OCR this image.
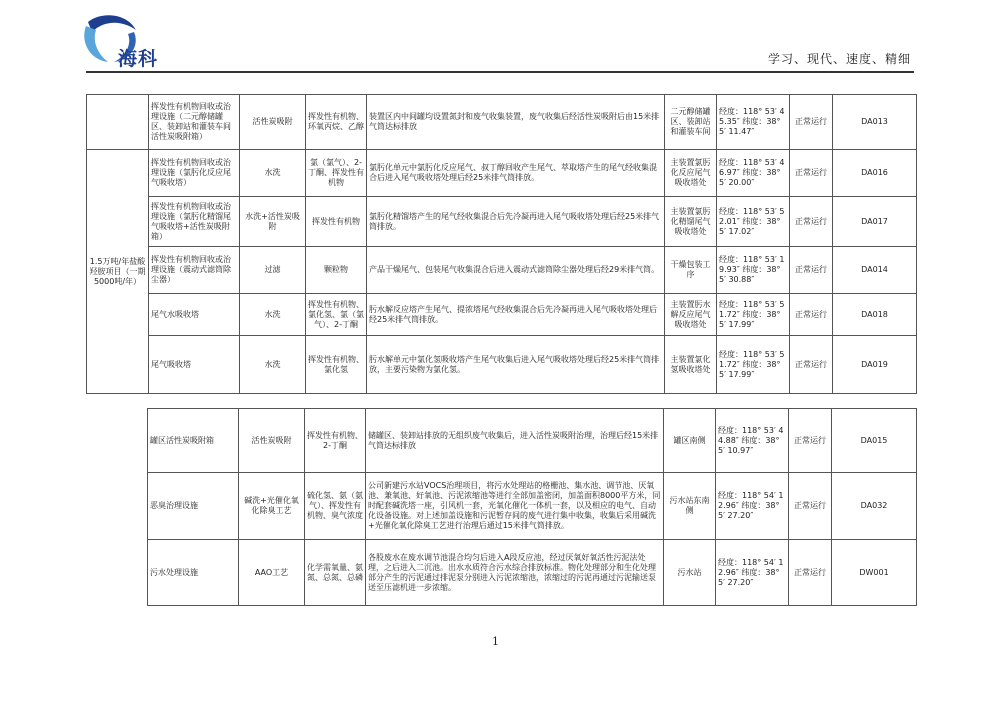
海科	学习、现代、速度、精细
	挥发性有机物回收或治理设施（二元醇储罐区、装卸站和灌装车间活性炭吸附箱）	活性炭吸附	挥发性有机物、环氧丙烷、乙醇	装置区内中间罐均设置氮封和废气收集装置，废气收集后经活性炭吸附后由15米排气筒达标排放	二元醇储罐区、装卸站和灌装车间	经度：118° 53′ 45.35″ 纬度：38° 5′ 11.47″	正常运行	DA013
1.5万吨/年盐酸羟胺项目（一期5000吨/年）	挥发性有机物回收或治理设施（氯肟化反应尾气吸收塔）	水洗	氯（氯气）、2-丁酮、挥发性有机物	氯肟化单元中氯肟化反应尾气、叔丁醇回收产生尾气、萃取塔产生的尾气经收集混合后进入尾气吸收塔处理后经25米排气筒排放。	主装置氯肟化反应尾气吸收塔处	经度：118° 53′ 46.97″ 纬度：38° 5′ 20.00″	正常运行	DA016
	挥发性有机物回收或治理设施（氯肟化精馏尾气吸收塔+活性炭吸附箱）	水洗+活性炭吸附	挥发性有机物	氯肟化精馏塔产生的尾气经收集混合后先冷凝再进入尾气吸收塔处理后经25米排气筒排放。	主装置氯肟化精馏尾气吸收塔处	经度：118° 53′ 52.01″ 纬度：38° 5′ 17.02″	正常运行	DA017
	挥发性有机物回收或治理设施（震动式滤筒除尘器）	过滤	颗粒物	产品干燥尾气、包装尾气收集混合后进入震动式滤筒除尘器处理后经29米排气筒。	干燥包装工序	经度：118° 53′ 19.93″ 纬度：38° 5′ 30.88″	正常运行	DA014
	尾气水吸收塔	水洗	挥发性有机物、氯化氢、氯（氯气）、2-丁酮	肟水解反应塔产生尾气、提浓塔尾气经收集混合后先冷凝再进入尾气吸收塔处理后经25米排气筒排放。	主装置肟水解反应尾气吸收塔处	经度：118° 53′ 51.72″ 纬度：38° 5′ 17.99″	正常运行	DA018
	尾气吸收塔	水洗	挥发性有机物、氯化氢	肟水解单元中氯化氢吸收塔产生尾气收集后进入尾气吸收塔处理后经25米排气筒排放，主要污染物为氯化氢。	主装置氯化氢吸收塔处	经度：118° 53′ 51.72″ 纬度：38° 5′ 17.99″	正常运行	DA019
罐区活性炭吸附箱	活性炭吸附	挥发性有机物、2-丁酮	储罐区、装卸站排放的无组织废气收集后，进入活性炭吸附治理，治理后经15米排气筒达标排放	罐区南侧	经度：118° 53′ 44.88″ 纬度：38° 5′ 10.97″	正常运行	DA015
恶臭治理设施	碱洗+光催化氧化除臭工艺	硫化氢、氨（氨气）、挥发性有机物、臭气浓度	公司新建污水站VOCS治理项目，将污水处理站的格栅池、集水池、调节池、厌氧池、兼氧池、好氧池、污泥浓缩池等进行全部加盖密闭，加盖面积8000平方米，同时配套碱洗塔一座，引风机一套，光氧化催化一体机一套，以及相应的电气、自动化设备设施。对上述加盖设施和污泥暂存间的废气进行集中收集，收集后采用碱洗+光催化氧化除臭工艺进行治理后通过15米排气筒排放。	污水站东南侧	经度：118° 54′ 12.96″ 纬度：38° 5′ 27.20″	正常运行	DA032
污水处理设施	AAO工艺	化学需氧量、氨氮、总氮、总磷	各股废水在废水调节池混合均匀后进入A段反应池，经过厌氧好氧活性污泥法处理，之后进入二沉池。出水水质符合污水综合排放标准。物化处理部分和生化处理部分产生的污泥通过排泥泵分别进入污泥浓缩池，浓缩过的污泥再通过污泥输送泵送至压滤机进一步浓缩。	污水站	经度：118° 54′ 12.96″ 纬度：38° 5′ 27.20″	正常运行	DW001
1
